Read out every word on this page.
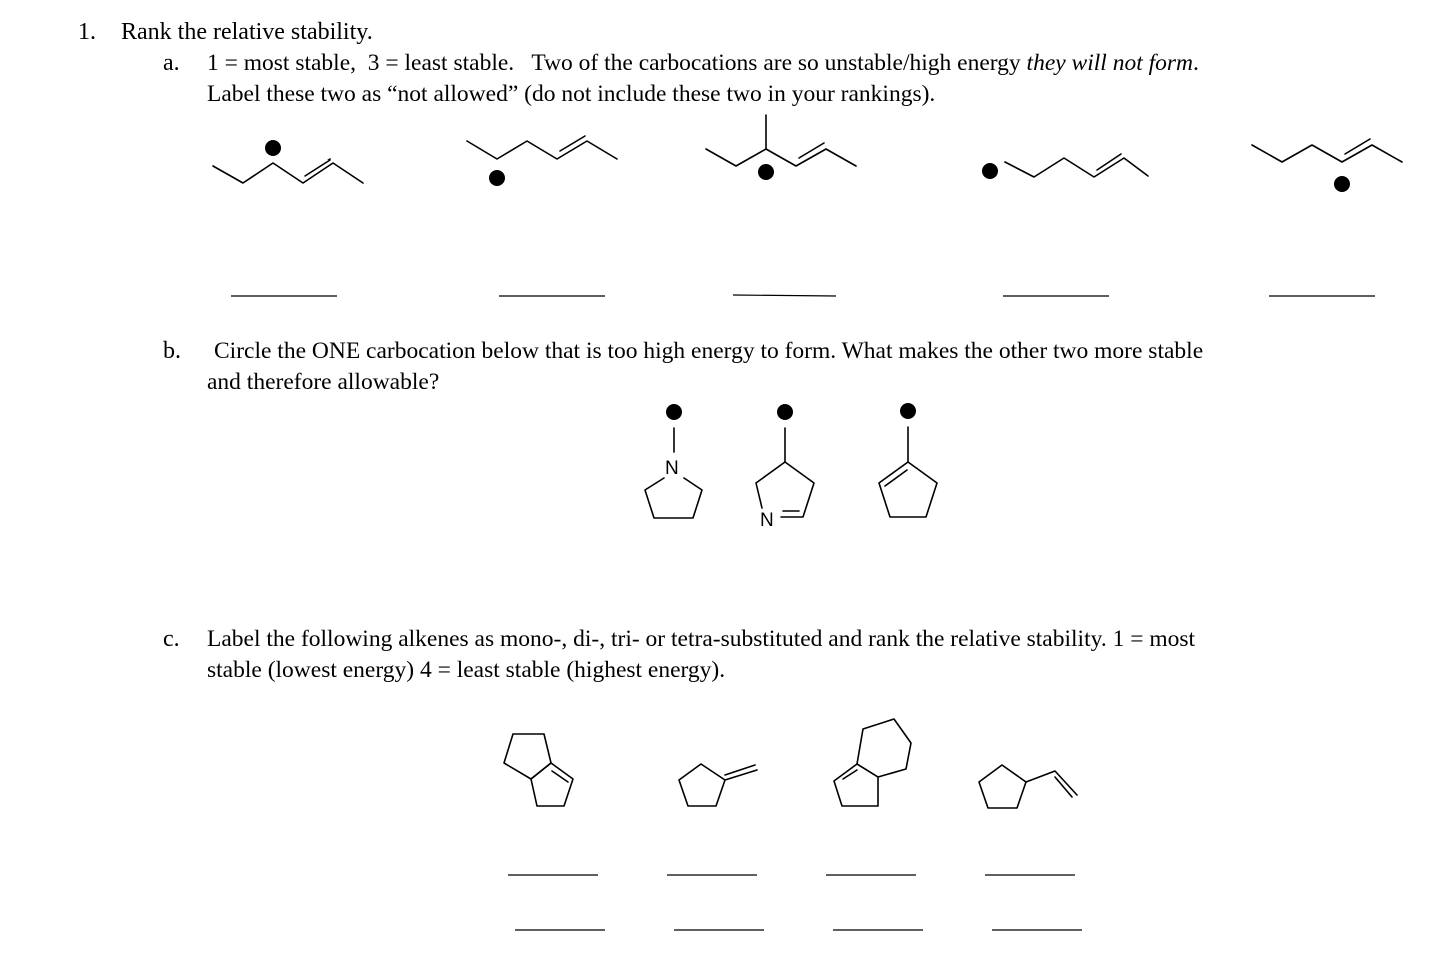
1. Rank the relative stability.
a. 1 = most stable,  3 = least stable.   Two of the carbocations are so unstable/high energy they will not form.
Label these two as “not allowed” (do not include these two in your rankings).
b. Circle the ONE carbocation below that is too high energy to form. What makes the other two more stable
and therefore allowable?
c. Label the following alkenes as mono-, di-, tri- or tetra-substituted and rank the relative stability. 1 = most
stable (lowest energy) 4 = least stable (highest energy).
N
N
